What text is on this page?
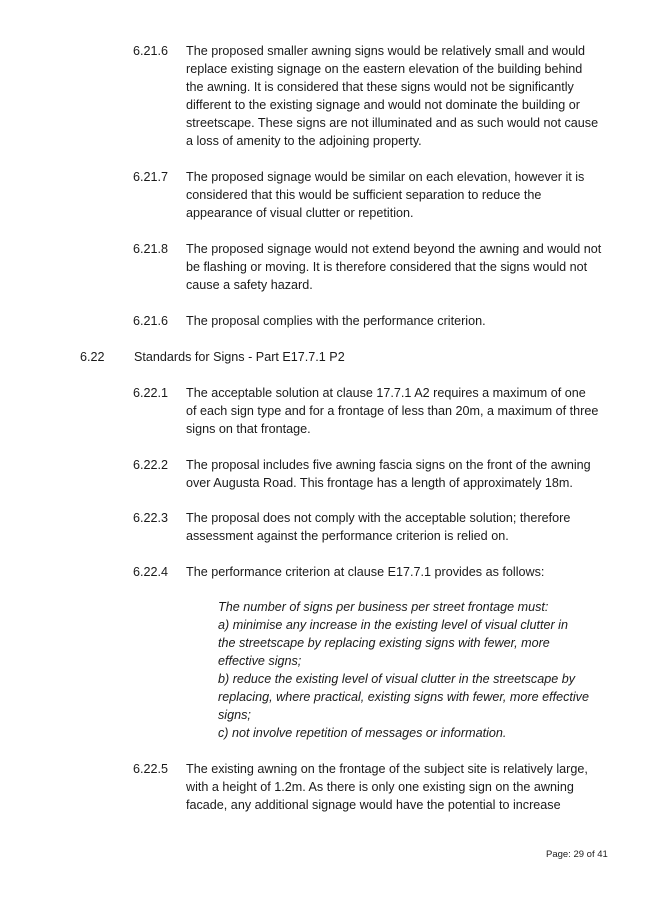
6.21.6 The proposed smaller awning signs would be relatively small and would
replace existing signage on the eastern elevation of the building behind
the awning. It is considered that these signs would not be significantly
different to the existing signage and would not dominate the building or
streetscape. These signs are not illuminated and as such would not cause
a loss of amenity to the adjoining property.
6.21.7 The proposed signage would be similar on each elevation, however it is
considered that this would be sufficient separation to reduce the
appearance of visual clutter or repetition.
6.21.8 The proposed signage would not extend beyond the awning and would not
be flashing or moving. It is therefore considered that the signs would not
cause a safety hazard.
6.21.6 The proposal complies with the performance criterion.
6.22 Standards for Signs - Part E17.7.1 P2
6.22.1 The acceptable solution at clause 17.7.1 A2 requires a maximum of one
of each sign type and for a frontage of less than 20m, a maximum of three
signs on that frontage.
6.22.2 The proposal includes five awning fascia signs on the front of the awning
over Augusta Road. This frontage has a length of approximately 18m.
6.22.3 The proposal does not comply with the acceptable solution; therefore
assessment against the performance criterion is relied on.
6.22.4 The performance criterion at clause E17.7.1 provides as follows:
The number of signs per business per street frontage must:
a) minimise any increase in the existing level of visual clutter in
the streetscape by replacing existing signs with fewer, more
effective signs;
b) reduce the existing level of visual clutter in the streetscape by
replacing, where practical, existing signs with fewer, more effective
signs;
c) not involve repetition of messages or information.
6.22.5 The existing awning on the frontage of the subject site is relatively large,
with a height of 1.2m. As there is only one existing sign on the awning
facade, any additional signage would have the potential to increase
Page: 29 of 41
